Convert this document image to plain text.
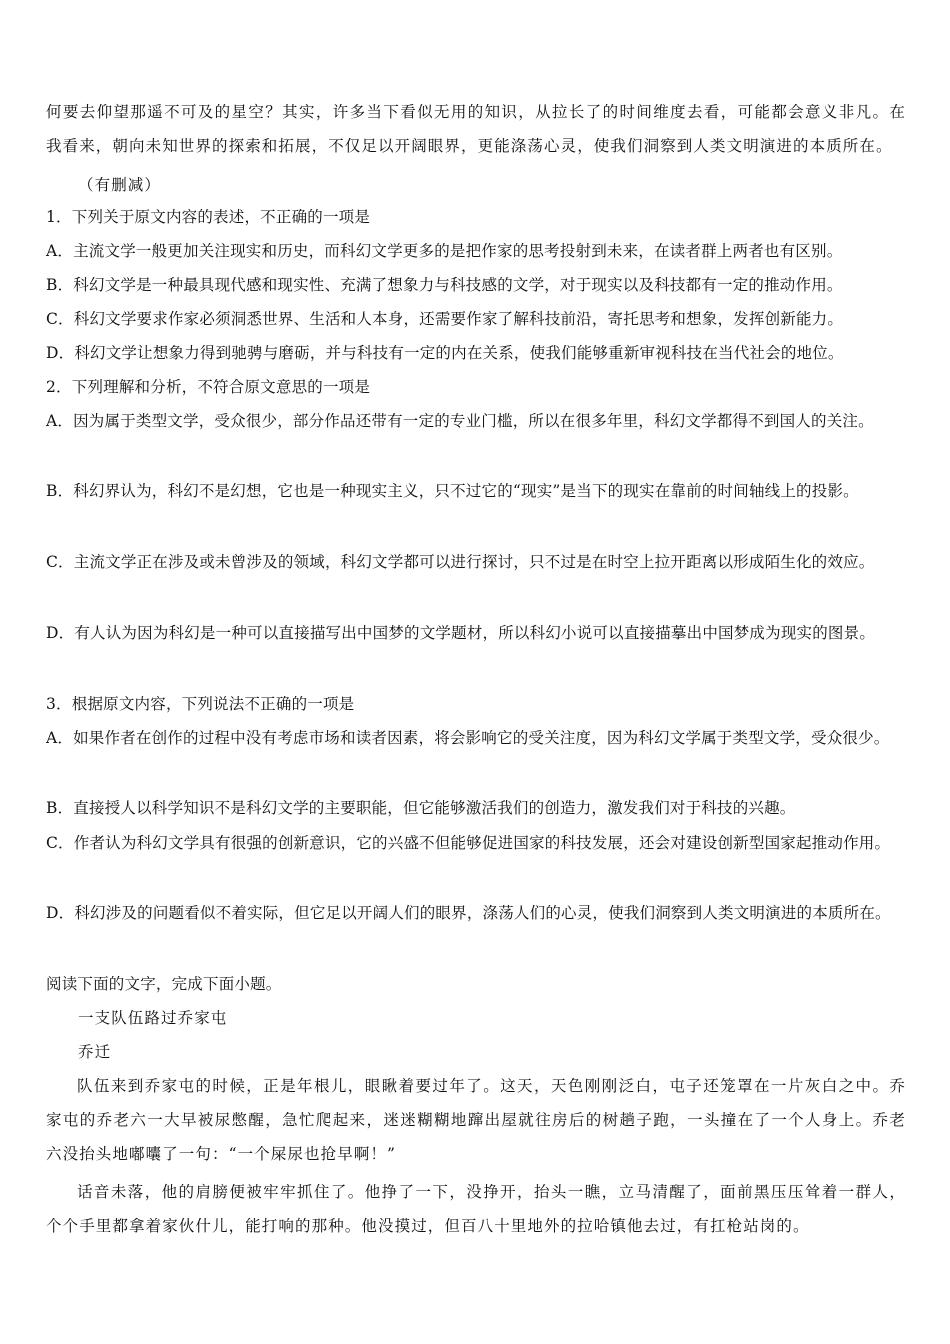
何要去仰望那遥不可及的星空？其实，许多当下看似无用的知识，从拉长了的时间维度去看，可能都会意义非凡。在我看来，朝向未知世界的探索和拓展，不仅足以开阔眼界，更能涤荡心灵，使我们洞察到人类文明演进的本质所在。
（有删减）
1．下列关于原文内容的表述，不正确的一项是
A．主流文学一般更加关注现实和历史，而科幻文学更多的是把作家的思考投射到未来，在读者群上两者也有区别。
B．科幻文学是一种最具现代感和现实性、充满了想象力与科技感的文学，对于现实以及科技都有一定的推动作用。
C．科幻文学要求作家必须洞悉世界、生活和人本身，还需要作家了解科技前沿，寄托思考和想象，发挥创新能力。
D．科幻文学让想象力得到驰骋与磨砺，并与科技有一定的内在关系，使我们能够重新审视科技在当代社会的地位。
2．下列理解和分析，不符合原文意思的一项是
A．因为属于类型文学，受众很少，部分作品还带有一定的专业门槛，所以在很多年里，科幻文学都得不到国人的关注。
B．科幻界认为，科幻不是幻想，它也是一种现实主义，只不过它的“现实”是当下的现实在靠前的时间轴线上的投影。
C．主流文学正在涉及或未曾涉及的领域，科幻文学都可以进行探讨，只不过是在时空上拉开距离以形成陌生化的效应。
D．有人认为因为科幻是一种可以直接描写出中国梦的文学题材，所以科幻小说可以直接描摹出中国梦成为现实的图景。
3．根据原文内容，下列说法不正确的一项是
A．如果作者在创作的过程中没有考虑市场和读者因素，将会影响它的受关注度，因为科幻文学属于类型文学，受众很少。
B．直接授人以科学知识不是科幻文学的主要职能，但它能够激活我们的创造力，激发我们对于科技的兴趣。
C．作者认为科幻文学具有很强的创新意识，它的兴盛不但能够促进国家的科技发展，还会对建设创新型国家起推动作用。
D．科幻涉及的问题看似不着实际，但它足以开阔人们的眼界，涤荡人们的心灵，使我们洞察到人类文明演进的本质所在。
阅读下面的文字，完成下面小题。
一支队伍路过乔家屯
乔迁
队伍来到乔家屯的时候，正是年根儿，眼瞅着要过年了。这天，天色刚刚泛白，屯子还笼罩在一片灰白之中。乔家屯的乔老六一大早被尿憋醒，急忙爬起来，迷迷糊糊地蹿出屋就往房后的树趟子跑，一头撞在了一个人身上。乔老六没抬头地嘟囔了一句：“一个屎尿也抢早啊！”
话音未落，他的肩膀便被牢牢抓住了。他挣了一下，没挣开，抬头一瞧，立马清醒了，面前黑压压耸着一群人，个个手里都拿着家伙什儿，能打响的那种。他没摸过，但百八十里地外的拉哈镇他去过，有扛枪站岗的。
